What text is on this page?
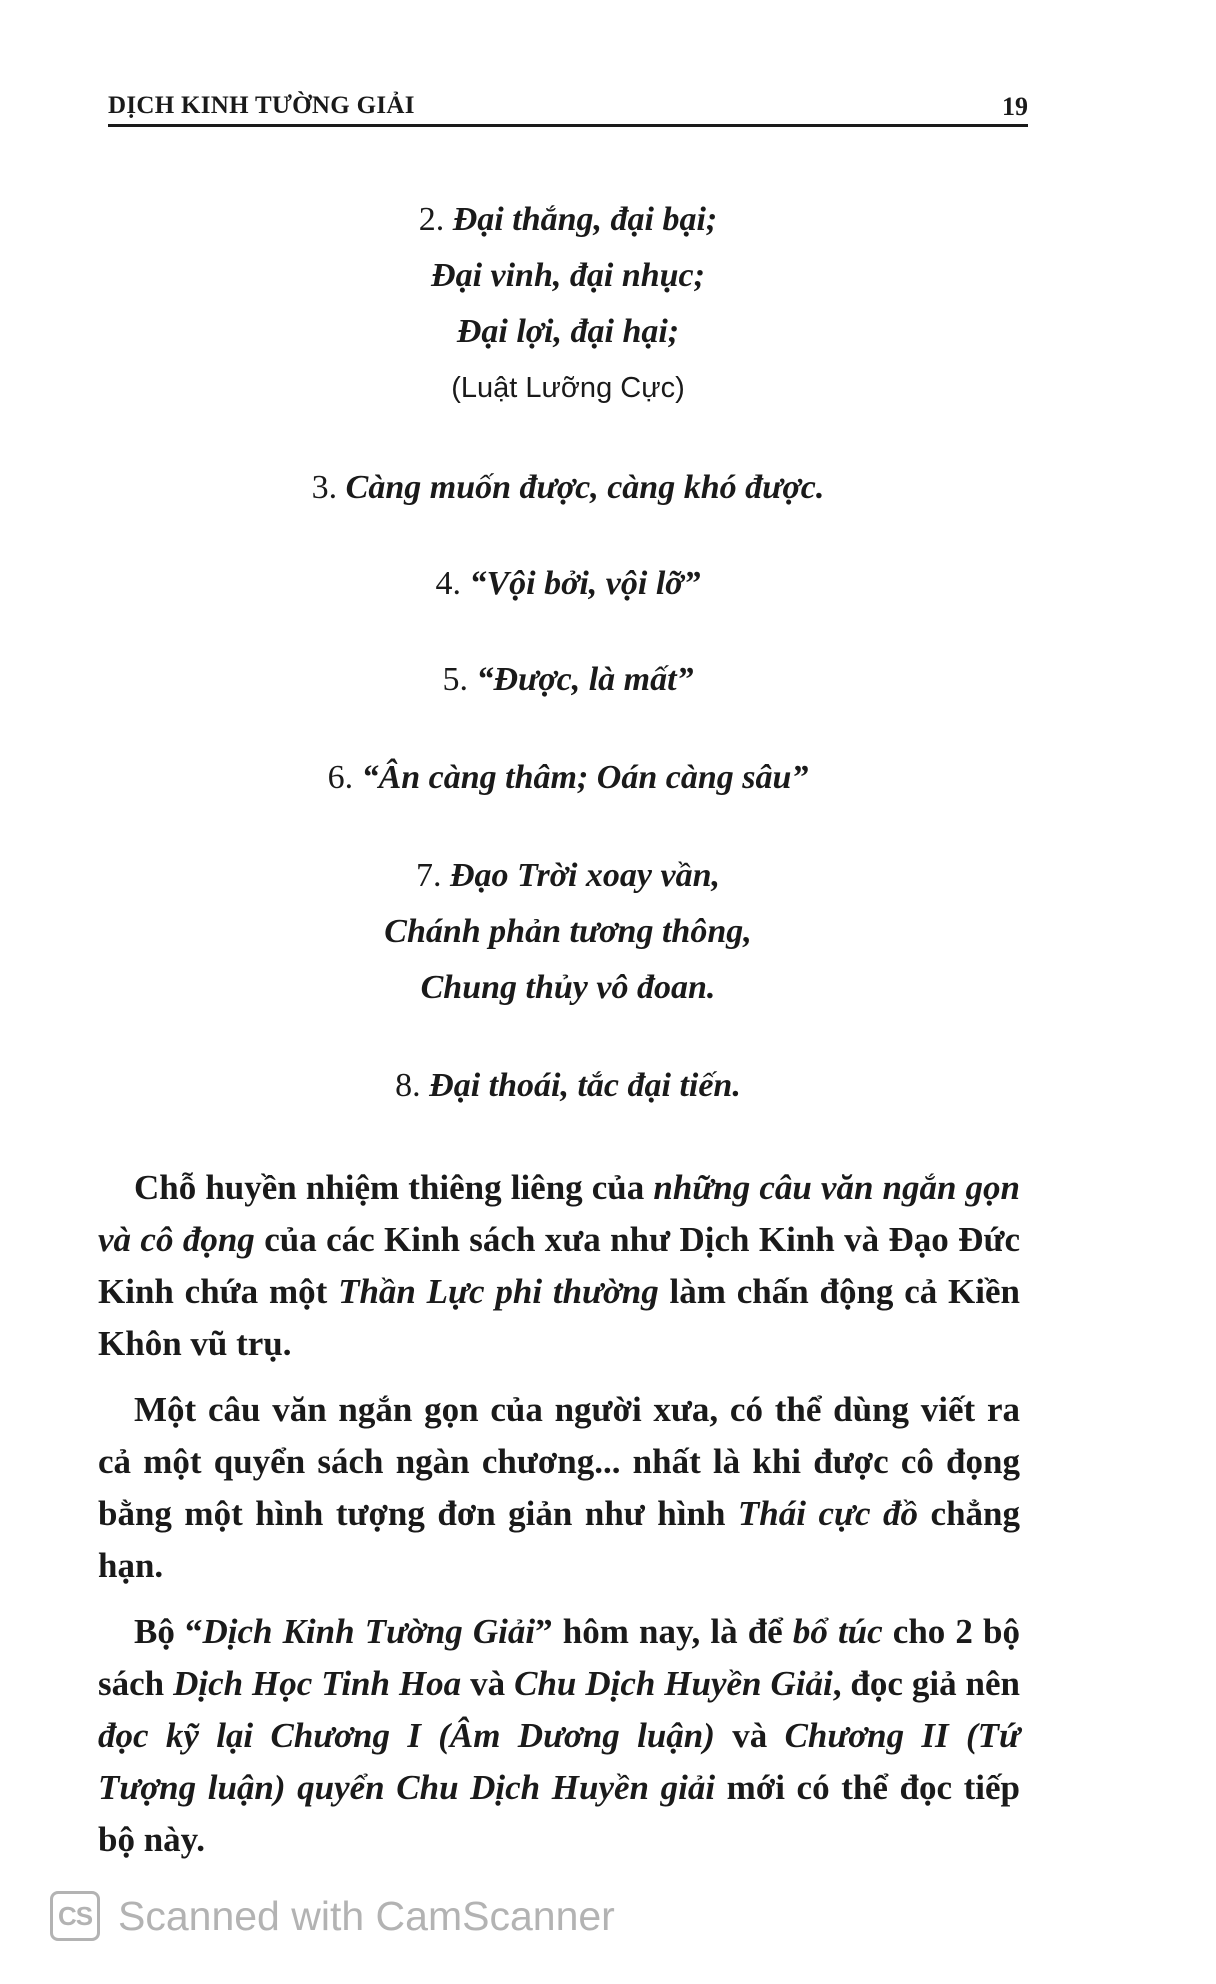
DỊCH KINH TƯỜNG GIẢI	19
2. Đại thắng, đại bại;
Đại vinh, đại nhục;
Đại lợi, đại hại;
(Luật Lưỡng Cực)
3. Càng muốn được, càng khó được.
4. “Vội bởi, vội lỡ”
5. “Được, là mất”
6. “Ân càng thâm; Oán càng sâu”
7. Đạo Trời xoay vần,
Chánh phản tương thông,
Chung thủy vô đoan.
8. Đại thoái, tắc đại tiến.

Chỗ huyền nhiệm thiêng liêng của những câu văn ngắn gọn và cô đọng của các Kinh sách xưa như Dịch Kinh và Đạo Đức Kinh chứa một Thần Lực phi thường làm chấn động cả Kiền Khôn vũ trụ.

Một câu văn ngắn gọn của người xưa, có thể dùng viết ra cả một quyển sách ngàn chương... nhất là khi được cô đọng bằng một hình tượng đơn giản như hình Thái cực đồ chẳng hạn.

Bộ “Dịch Kinh Tường Giải” hôm nay, là để bổ túc cho 2 bộ sách Dịch Học Tinh Hoa và Chu Dịch Huyền Giải, đọc giả nên đọc kỹ lại Chương I (Âm Dương luận) và Chương II (Tứ Tượng luận) quyển Chu Dịch Huyền giải mới có thể đọc tiếp bộ này.

CS Scanned with CamScanner
